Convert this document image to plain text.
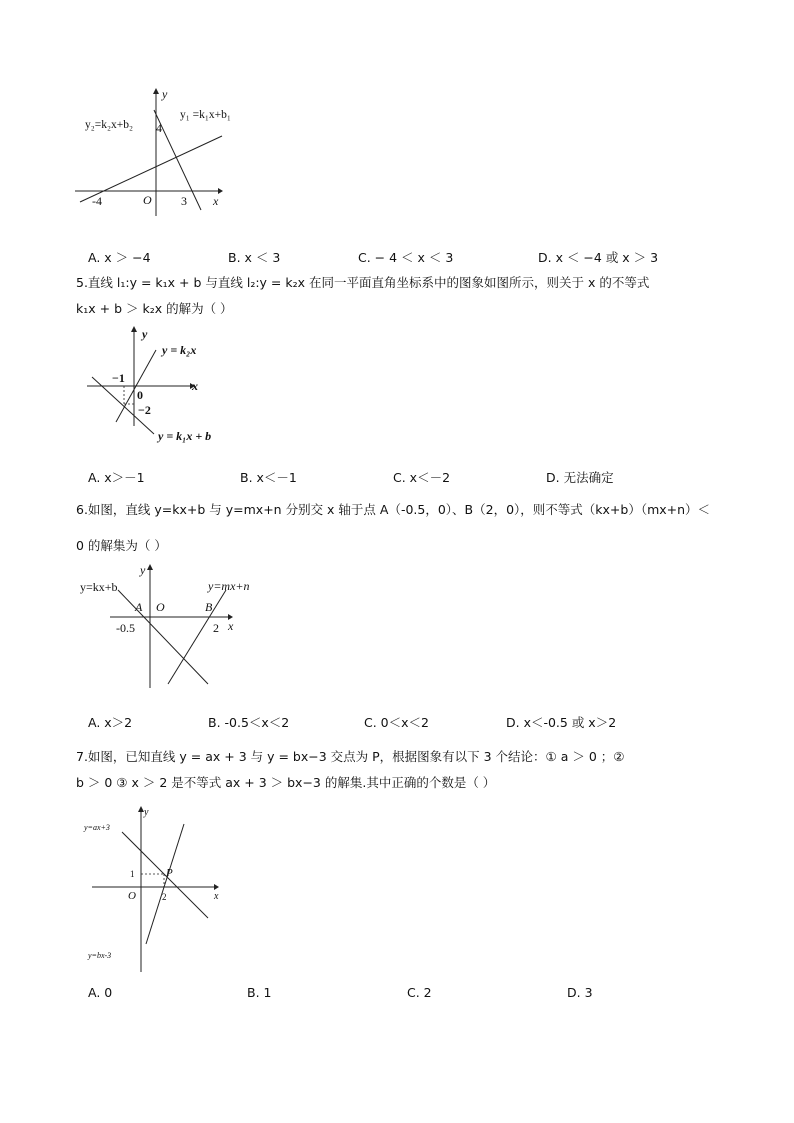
y
x
O
4
-4	3
y₁ =k₁x+b₁
y₂=k₂x+b₂
A. x ＞ −4	B. x ＜ 3	C. − 4 ＜ x ＜ 3	D. x ＜ −4 或 x ＞ 3
5.直线 l₁:y = k₁x + b 与直线 l₂:y = k₂x 在同一平面直角坐标系中的图象如图所示，则关于 x 的不等式
k₁x + b ＞ k₂x 的解为（ ）
y
x
0
−1
−2
y = k₂x
y = k₁x + b
A. x＞－1	B. x＜－1	C. x＜－2	D. 无法确定
6.如图，直线 y=kx+b 与 y=mx+n 分别交 x 轴于点 A（-0.5，0）、B（2，0），则不等式（kx+b）（mx+n）＜
0 的解集为（ ）
y
x
O
A	B
-0.5	2
y=kx+b	y=mx+n
A. x＞2	B. -0.5＜x＜2	C. 0＜x＜2	D. x＜-0.5 或 x＞2
7.如图，已知直线 y = ax + 3 与 y = bx−3 交点为 P，根据图象有以下 3 个结论：① a ＞ 0 ；②
b ＞ 0 ③ x ＞ 2 是不等式 ax + 3 ＞ bx−3 的解集.其中正确的个数是（ ）
y
x
O
P
1
2
y=ax+3
y=bx-3
A. 0	B. 1	C. 2	D. 3
